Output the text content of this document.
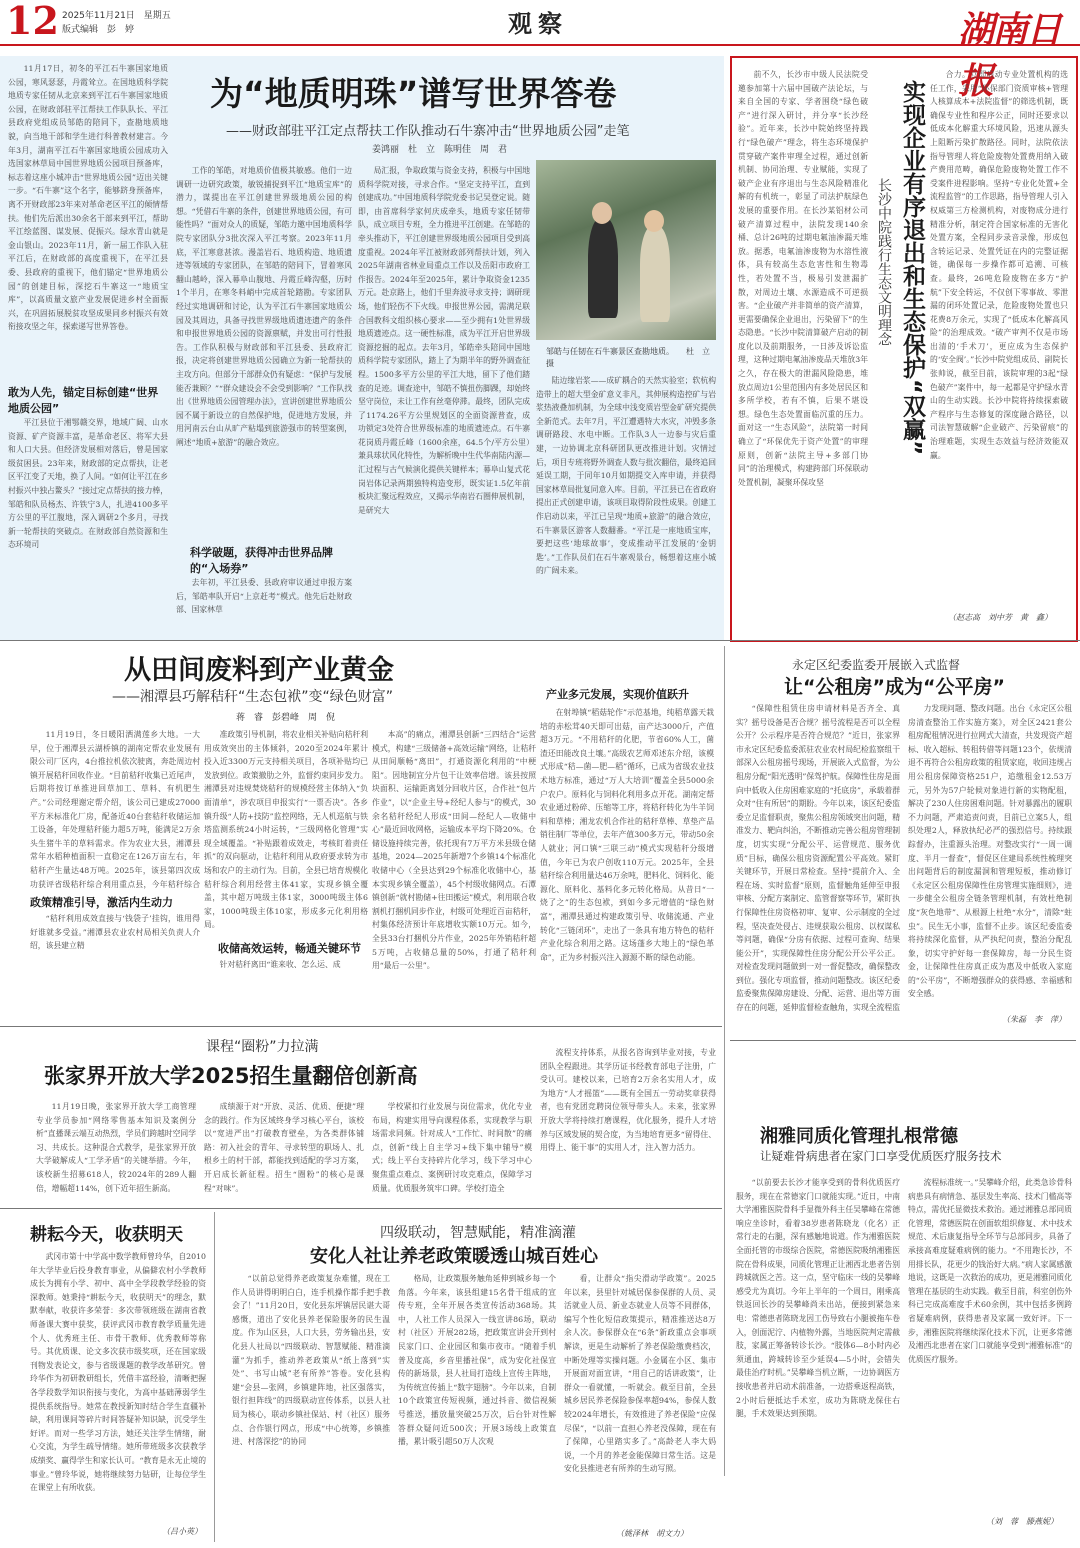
12 2025年11月21日　星期五
版式编辑　彭　婷	观察	湖南日报
为“地质明珠”谱写世界答卷
——财政部驻平江定点帮扶工作队推动石牛寨冲击“世界地质公园”走笔
姜鸿丽　杜　立　陈明佳　周　君

11月17日，初冬的平江石牛寨国家地质公园，寒风瑟瑟，丹霞耸立。在国地质科学院地质专家任韧从北京来到平江石牛寨国家地质公园，在财政部驻平江帮扶工作队队长、平江县政府党组成员邹皓的陪同下，查勘地质地貌，向当地干部和学生进行科普教材建言。今年3月，湖南平江石牛寨国家地质公园成功入选国家林草局中国世界地质公园项目预备库，标志着这座小城冲击“世界地质公园”迈出关键一步。“石牛寨”这个名字，能够跻身预备库，离不开财政部23年来对革命老区平江的倾情帮扶。他们先后派出30余名干部来到平江，帮助平江绘蓝图、谋发展、促振兴。绿水青山就是金山银山。2023年11月，新一届工作队入驻平江后，在财政部的高度重视下，在平江县委、县政府的重视下，他们锚定“世界地质公园”的创建目标，深挖石牛寨这一“地质宝库”，以高质量文旅产业发展促进乡村全面振兴，在巩固拓展脱贫攻坚成果同乡村振兴有效衔接攻坚之年，探索递写世界答卷。

敢为人先，锚定目标创建“世界地质公园”

平江县位于湘鄂赣交界，地域广阔、山水资源、矿产资源丰富，是革命老区、将军大县和人口大县。但经济发展相对落后，曾是国家级贫困县。23年来，财政部的定点帮扶，让老区平江变了天地，换了人间。“如何让平江在乡村振兴中独占鳌头？”接过定点帮扶的接力棒，邹皓和队员杨杰、许铁宁3人，扎进4100多平方公里的平江腹地，深入调研2个多月，寻找新一轮帮扶的突破点。在财政部自然资源和生态环境司

工作的邹皓，对地质价值极其敏感。他们一边调研一边研究政策，敏锐捕捉到平江“地质宝库”的潜力，谋提出在平江创建世界级地质公园的构想。“凭借石牛寨的条件，创建世界地质公园，有可能性吗？”面对众人的质疑，邹皓力邀中国地质科学院专家团队分3批次深入平江考察。2023年11月底，平江寒意甚浓。漫盖岩石、地质构造、地质遗迹等领域的专家团队，在邹皓的陪同下，冒着寒风翻山越岭，深入幕阜山腹地、丹霞丘峰沟壑，历时1个半月，在寒冬料峭中完成首轮踏勘。专家团队经过实地调研和讨论，认为平江石牛寨国家地质公园及其周边，具备寻找世界级地质遗迹遗产的条件和申报世界地质公园的资源禀赋，并发出可行性报告。工作队积极与财政部和平江县委、县政府汇报，决定将创建世界地质公园确立为新一轮帮扶的主攻方向。但部分干部群众仍有疑虑：“保护与发展能否兼顾？”“群众建设会不会受到影响？”工作队找出《世界地质公园管理办法》，宣讲创建世界地质公园不属于新设立的自然保护地，促进地方发展，并用河南云台山从旷产粘塌到旅游强市的转型案例，阐述“地质+旅游”的融合效应。

科学破题，获得冲击世界品牌的“入场券”

去年初，平江县委、县政府审议通过申报方案后，邹皓率队开启“上京赶考”模式。他先后赴财政部、国家林草

局汇报，争取政策与资金支持，积极与中国地质科学院对接，寻求合作。“坚定支持平江，直到创建成功。”中国地质科学院党委书记吴登定说。随即，由首席科学家何庆成牵头，地质专家任韧带队，成立项目专班，全力推进平江创建。在邹皓的牵头推动下，平江创建世界级地质公园项目受到高度重视。2024年平江被财政部列帮扶计划，列入2025年湖南省林业局重点工作以及岳阳市政府工作报告。2024年至2025年，累计争取资金1235万元。赴京路上，他们千里奔波寻求支持；调研现场，他们轻伤不下火线。申报世界公园，需满足联合国教科文组织核心要求——至少拥有1处世界级地质遗迹点。这一硬性标准，成为平江开启世界级资源挖掘的起点。去年3月，邹皓牵头陪同中国地质科学院专家团队，踏上了为期半年的野外调查征程。1500多平方公里的平江大地，留下了他们踏查的足迹。调查途中，邹皓不慎扭伤脚踝，却始终坚守岗位，未让工作有丝毫停滞。最终，团队完成了1174.26平方公里规划区的全面资源普查，成功锁定3处符合世界级标准的地质遗迹点。石牛寨花岗质丹霞丘峰（1600余座，64.5个/平方公里）兼具球状风化特性，为解析晚中生代华南陆内源—汇过程与古气候演化提供关键样本；幕阜山复式花岗岩体记录两期独特构造变形，既实证1.5亿年前板块汇聚远程效应，又揭示华南岩石圈伸展机制，是研究大

邹皓与任韧在石牛寨景区查勘地质。　　杜　立　摄

陆边缘岩浆——成矿耦合的天然实验室；软杭构造带上的超大型金矿意义非凡，其伸展构造控矿与岩浆热液叠加机制，为全球中浅变质岩型金矿研究提供全新范式。去年7月，平江遭遇特大水灾，冲毁多条调研路段、水电中断。工作队3人一边参与灾后重建，一边协调北京科研团队更改推进计划。灾情过后，项目专班将野外调查人数与批次翻倍，最终追回延误工期，于同年10月如期提交入库申请，并获得国家林草局批复同意入库。目前，平江县已在省政府提出正式创建申请，该项目取得阶段性成果。创建工作启动以来，平江已呈现“地质+旅游”的融合效应，石牛寨景区游客人数翻番。“平江是一座地质宝库，要把这些‘地球故事’，变成推动平江发展的‘金钥匙’。”工作队员们在石牛寨观景台，畅想着这座小城的广阔未来。

前不久，长沙市中级人民法院受邀参加第十六届中国破产法论坛，与来自全国的专家、学者围绕“绿色破产”进行深入研讨，并分享“长沙经验”。近年来，长沙中院始终坚持践行“绿色破产”理念，将生态环境保护贯穿破产案件审理全过程，通过创新机制、协同治理、专业赋能，实现了破产企业有序退出与生态风险精准化解的有机统一，彰显了司法护航绿色发展的重要作用。在长沙某铝材公司破产清算过程中，法院发现140余桶、总计26吨的过期电氟油渗漏天堆放。据悉，电氟油渗废物为水溶性液体，具有较高生态危害性和生物毒性，若处置不当，极易引发泄漏扩散，对周边土壤、水源造成不可逆损害。“企业破产并非简单的资产清算，更需要确保企业退出，污染留下”的生态隐患。“长沙中院清算破产启动的制度化以及前期服务，一日涉及诉讼监理，这种过期电氟油渗废品天堆放3年之久，存在极大的泄漏风险隐患，堆放点周边1公里范围内有多处居民区和多所学校，若有不慎，后果不堪设想。绿色生态处置面临沉重的压力。面对这一“生态风险”，法院第一时间确立了“环保优先于资产处置”的审理原则，创新“法院主导+多部门协同”的治理模式，构建跨部门环保联动处置机制，凝聚环保攻坚

实现企业有序退出和生态保护“双赢”
长沙中院践行生态文明理念

合力。立即启动专业处置机构的选任工作，采用“环保部门资质审核+管理人核算成本+法院监督”的筛选机制，既确保专业性和程序公正，同时还要求以低成本化解重大环境风险，迅速从源头上阻断污染扩散路径。同时，法院依法指导管理人将危险废物处置费用纳入破产费用范畴，确保危险废物处置工作不受案件进程影响。坚持“专业化处置+全流程监管”的工作思路，指导管理人引入权威第三方检测机构，对废物成分进行精准分析，制定符合国家标准的无害化处置方案，全程同步录音录像，形成包含转运记录、处置凭证在内的完整证据链，确保每一步操作都可追溯、可核查。最终，26吨危险废物在多方“护航”下安全转运，不仅创下零事故、零泄漏的闭环处置记录，危险废物处置也只花费8万余元，实现了“低成本化解高风险”的治理成效。“破产审判不仅是市场出清的‘手术刀’，更应成为生态保护的‘安全阀’。”长沙中院党组成员、副院长张帅说，截至目前，该院审理的3起“绿色破产”案件中，每一起都是守护绿水青山的生动实践。长沙中院将持续探索破产程序与生态修复的深度融合路径，以司法智慧破解“企业破产、污染留痕”的治理难题，实现生态效益与经济效能双赢。

（赵志高　刘中芳　黄　鑫）
从田间废料到产业黄金
——湘潭县巧解秸秆“生态包袱”变“绿色财富”
蒋　睿　彭碧峰　周　倪

11月19日，冬日暖阳洒满莲乡大地。一大早，位于湘潭县云湖桥镇的湖南定帮农业发展有限公司厂区内，4台推拉机依次驶离，奔赴周边村镇开展秸秆回收作业。“目前秸秆收集已近尾声，后期将按订单推进回草加工、草料、有机肥生产。”公司经理谢定帮介绍，该公司已建成27000平方米标准化厂房，配备近40台套秸秆收储运加工设备，年处理秸秆能力超5万吨，能满足2万余头生猪牛羊的草料需求。作为农业大县，湘潭县常年水稻种植面积一直稳定在126万亩左右，年秸秆产生量达48万吨。2025年，该县第四次成功获评省级秸秆综合利用重点县，今年秸秆综合

政策精准引导，激活内生动力

“秸秆利用成效直接与‘钱袋子’挂钩，谁用得好谁就多受益。”湘潭县农业农村局相关负责人介绍，该县建立精

准政策引导机制，将农业相关补贴向秸秆利用成效突出的主体倾斜，2020至2024年累计投入近3300万元支持相关项目，各项补贴均已发放到位。政策撤肋之外，监督约束同步发力。湘潭县对违规焚烧秸秆的规模经营主体纳入“负面清单”，涉农项目申报实行“一票否决”。各乡镇升级“人防+技防”监控网络，无人机巡航与铁塔监测系统24小时运转，“三级网格化管理”实现全域覆盖。“补贴跟着成效走，考核盯着责任抓”的双向驱动，让秸秆利用从政府要求转为市场和农户的主动行为。目前，全县已培育规模化秸秆综合利用经营主体41家，实现乡镇全覆盖，其中超万吨级主体1家，3000吨级主体6家，1000吨级主体10家，形成多元化利用格局。

收储高效运转，畅通关键环节

针对秸秆离田“谁来收、怎么运、成

本高”的痛点，湘潭县创新“三四结合”运营模式，构建“三级储备+高效运输”网络，让秸秆从田间顺畅“离田”，打通资源化利用的“中梗阻”。因地制宜分片包干让效率倍增。该县按照块面积、运输距离划分回收片区，合作社“包片作业”，以“企业主导+经纪人参与”的模式，30余名秸秆经纪人形成“田间—经纪人—收储中心”最近回收网格，运输成本平均下降20%。仓储设施持续完善，依托现有7万平方米县级仓储基地，2024—2025年新增7个乡镇14个标准化收储中心（全县达到29个标准化收储中心，基本实现乡镇全覆盖），45个村级收储网点。石潭镇创新“就村勘储+往田搬运”模式，利用联合收割机打捆机同步作业，村级可处理近百亩秸秆，村集体经济预计年底增收实额10万元。如今，全县33台打捆机分片作业，2025年外销秸秆超5万吨，占收储总量的50%，打通了秸秆利用“最后一公里”。

产业多元发展，实现价值跃升

在射埠镇“稻菇轮作”示范基地，纯稻草露天栽培的赤松茸40天即可出菇，亩产达3000斤，产值超3万元。“不用秸秆的化肥，节省60%人工，菌渣还田能改良土壤。”高级农艺师邓述东介绍，该模式形成“秸—菌—肥—稻”循环，已成为省级农业技术地方标准，通过“万人大培训”覆盖全县5000余户农户。原料化与饲料化利用多点开花。湖南定帮农业通过粉碎、压缩等工序，将秸秆转化为牛羊饲料和草棒；湘龙农机合作社的秸秆草棒、草垫产品销往制厂等单位，去年产值300多万元，带动50余人就业；河口镇“三联三动”模式实现秸秆分级增值，今年已为农户创收110万元。2025年，全县秸秆综合利用量达46万余吨，肥料化、饲料化、能源化、原料化、基料化多元转化格局。从昔日“一烧了之”的生态包袱，到如今多元增值的“绿色财富”，湘潭县通过构建政策引导、收储流通、产业转化“三链闭环”，走出了一条具有地方特色的秸秆产业化综合利用之路。这场蓬乡大地上的“绿色革命”，正为乡村振兴注入源源不断的绿色动能。

永定区纪委监委开展嵌入式监督
让“公租房”成为“公平房”

“保障性租赁住房申请材料是否齐全、真实？摇号设备是否合规？摇号流程是否可以全程公开？公示程序是否符合规范？”近日，张家界市永定区纪委监委派驻农业农村局纪检监察组干部深入公租房摇号现场，开展嵌入式监督，为公租房分配“阳光透明”保驾护航。保障性住房是面向中低收入住房困难家庭的“托底房”，承载着群众对“住有所居”的期盼。今年以来，该区纪委监委立足监督职责，聚焦公租房领域突出问题，精准发力、靶向纠治，不断推动完善公租房管理制度，切实实现“分配公平、运营规范、服务优质”目标，确保公租房资源配置公平高效。紧盯关键环节，开展日常检查。坚持“提前介入、全程在场、实时监督”原则，监督触角延伸至申报审核、分配方案制定、监管督察等环节，紧盯执行保障性住房资格初审、复审、公示制度的全过程，坚决查处侵占、违规获取公租房、以权谋私等问题，确保“分房有依据、过程可查询、结果能公开”，实现保障性住房分配公开公平公正。对检查发现问题做到一对一督促整改，确保整改到位。强化专项监督，推动问题整改。该区纪委监委聚焦保障房建设、分配、运营、退出等方面存在的问题，延伸监督检查触角，实现全流程监

力发现问题、整改问题。出台《永定区公租房清查整治工作实施方案》，对全区2421套公租房配租情况进行拉网式大清查，共发现资产超标、收入超标、转租转借等问题123个，依规清退不再符合公租房政策的租赁家庭，收回违规占用公租房保障资格251户，追缴租金12.53万元，另外为57户轮候对象进行新的实物配租，解决了230人住房困难问题。针对暴露出的履职不力问题，严肃追责问责，目前已立案5人，组织处理2人，释放执纪必严的强烈信号。持续跟踪督办，注重源头治理。对整改实行“一周一调度、半月一督查”，督促区住建局系统性梳理突出问题背后的制度漏洞和管理短板，推动修订《永定区公租房保障性住房管理实施细则》，进一步健全公租房全链条管理机制，有效杜绝制度“灰色地带”、从根源上杜绝“水分”，清除“蛀虫”。民生无小事，监督不止步。该区纪委监委将持续深化监督，从严执纪问责，整治分配乱象，切实守护好每一套保障房，每一分民生资金，让保障性住房真正成为惠及中低收入家庭的“公平房”，不断增强群众的获得感、幸福感和安全感。

（朱磊　李　萍）
课程“圈粉”力拉满
张家界开放大学2025招生量翻倍创新高

11月19日晚，张家界开放大学工商管理专业学员参加“网络零售基本知识及案例分析”直播课云端互动热烈，学员们跨越时空同学习、共成长。这种混合式教学，是张家界开放大学破解成人“工学矛盾”的关键举措。今年，该校新生招募618人，较2024年的289人翻倍，增幅超114%，创下近年招生新高。

成绩源于对“开放、灵活、优质、便捷”理念的践行。作为区域终身学习核心平台，该校以“宽进严出”打破教育壁垒，为各类群体铺路：初入社会的青年、寻求转型的职场人、扎根乡土的村干部，都能找到适配的学习方案，开启成长新征程。招生“圈粉”的核心是课程“对味”。

学校紧扣行业发展与岗位需求，优化专业布局，构建实用导向课程体系，实现教学与职场需求同频。针对成人“工作忙、时间散”的痛点，创新“线上自主学习+线下集中辅导”模式；线上平台支持碎片化学习，线下学习中心聚焦重点难点、案例研讨攻克难点，保障学习质量。优质服务筑牢口碑。学校打造全

流程支持体系，从报名咨询到毕业对接，专业团队全程跟进。其学历证书经教育部电子注册，广受认可。建校以来，已培育2万余名实用人才，成为地方“人才摇篮”——既有全国五一劳动奖章获得者，也有党团竞聘岗位领导带头人。未来，张家界开放大学将持续打磨课程，优化服务，提升人才培养与区域发展的契合度，为当地培育更多“留得住、用得上、能干事”的实用人才，注入智力活力。

湘雅同质化管理扎根常德
让疑难骨病患者在家门口享受优质医疗服务技术

“以前要去长沙才能享受到的骨科优质医疗服务，现在在常德家门口就能实现。”近日，中南大学湘雅医院骨科手显微外科主任吴攀峰在常德响应坐诊时，看着38岁患者陈晓龙（化名）正常行走的右腿，深有感触地说道。作为湘雅医院全面托管的市级综合医院，常德医院吸纳湘雅医院在骨科成果，同质化管理正让湘西北患者告别跨城就医之苦。这一点，坚守临床一线的吴攀峰感受尤为真切。今年上半年的一个周日，刚乘高铁返回长沙的吴攀峰尚未出站，便接到紧急来电：常德患者陈晓龙因工伤导致右小腿被拖车卷入，创面泥泞、内植物外露，当地医院判定需截肢，家属正筹备转诊长沙。“肢体6—8小时内必须通血，跨城转诊至少延误4—5小时，会错失最佳治疗时机。”吴攀峰当机立断，一边协调医方接收患者并启动术前准备，一边搭乘返程高铁，2小时后便抵达手术室，成功为陈晓龙保住右腿，手术效果达到预期。

流程标准统一。”吴攀峰介绍，此类急诊骨科病患具有病情急、基层发生率高、技术门槛高等特点，需优托显微技术救治。通过湘雅总部同质化管理，常德医院在创面软组织修复、术中技术规范、术后康复指导全环节与总部同步，具备了承接高难度疑难病例的能力。“不用跑长沙，不用排长队，花更少的钱治好大病。”病人家属感激地说，这既是一次救治的成功，更是湘雅同质化管理在基层的生动实践。截至目前，科室创伤外科已完成高难度手术60余例，其中包括多例跨省疑难病例，获得患者及家属一致好评。下一步，湘雅医院将继续深化技术下沉，让更多常德及湘西北患者在家门口就能享受到“湘雅标准”的优质医疗服务。

（刘　蓉　滕燕妮）
耕耘今天，收获明天

武冈市第十中学高中数学教师曾玲华，自2010年大学毕业后投身教育事业，从偏僻农村小学教师成长为拥有小学、初中、高中全学段教学经验的资深教师。她秉持“耕耘今天，收获明天”的理念，默默奉献，收获许多荣誉：多次带领班级在湖南省教师备课大赛中获奖，获评武冈市教育教学质量先进个人、优秀班主任、市骨干教师、优秀教师等称号。其优质课、论文多次获市级奖项，还在国家级刊物发表论文，参与省级课题的教学改革研究。曾玲华作为初研教研组长，凭借丰富经验，清晰把握各学段数学知识衔接与变化，为高中基础薄弱学生提供系统指导。她常在教授新知时结合学生直疆补缺，利用课间等碎片时间答疑补知识缺，沉受学生好评。而对一些学习方法，她还关注学生情绪，耐心交流，为学生疏导情绪。她所带班级多次获教学成绩奖、赢得学生和家长认可。“教育是永无止境的事业。”曾玲华说，她将继续努力钻研，让每位学生在课堂上有所收获。

（吕小英）
四级联动，智慧赋能，精准滴灌
安化人社让养老政策暖透山城百姓心

“以前总觉得养老政策复杂难懂，现在工作人员讲得明明白白，连手机操作都手把手教会了！”11月20日，安化县东坪镇居民谌大哥感慨，道出了安化县养老保险服务的民生温度。作为山区县，人口大县，劳务输出县，安化县人社局以“四级联动、智慧赋能、精准滴灌”为抓手，推动养老政策从“纸上落到”实处”、书写山城”老有所养”答卷。安化县构建“会县—张网，乡镇建阵地，社区强落实，银行担阵线”的四级联动宣传体系，以县人社局为核心，联动乡镇社保站、村（社区）服务点、合作银行网点，形成“中心统筹，乡镇推进、村落深挖”的协同

格局，让政策服务触角延伸到城乡每一个角落。今年来，该县组建15名骨干组成的宣传专班，全年开展各类宣传活动368场。其中，人社工作人员深入一线宣讲86场，联动村（社区）开展282场，把政策宣讲会开到村民家门口、企业园区和集市夜市。“随着手机普及度高，乡音里播社保”，成为安化社保宣传的新场景，县人社局打造线上宣传主阵地，为传统宣传插上“数字翅膀”。今年以来，自制10个政策宣传短视频，通过抖音、微信视频号推送，播放量突破25万次，后台针对性解答群众疑问近500次；开展3场线上政策直播，累计吸引超50万人次观

看，让群众“指尖滑动学政策”。2025年以来，县里针对城居保参保群的人员、灵活就业人员、新业态就业人员等不同群体，编写个性化短信政策提示，精准推送达8万余人次。参保群众在“6条”新政重点会事项解读，更是生动解析了养老保险缴费档次，中断处理等实操问题。小金属在小区、集市开展面对面宣讲，“用自己的话讲政策”，让群众一看就懂，一听就会。截至目前，全县城乡居民养老保险参保率超94%，参保人数较2024年增长，有效推进了养老保险“应保尽保”，“以前一直担心养老没保障，现在有了保障，心里踏实多了。”高龄老人李大妈说，一个月的养老金能保障日常生活。这是安化县推进老有所养的生动写照。

（姚泽林　胡文力）
